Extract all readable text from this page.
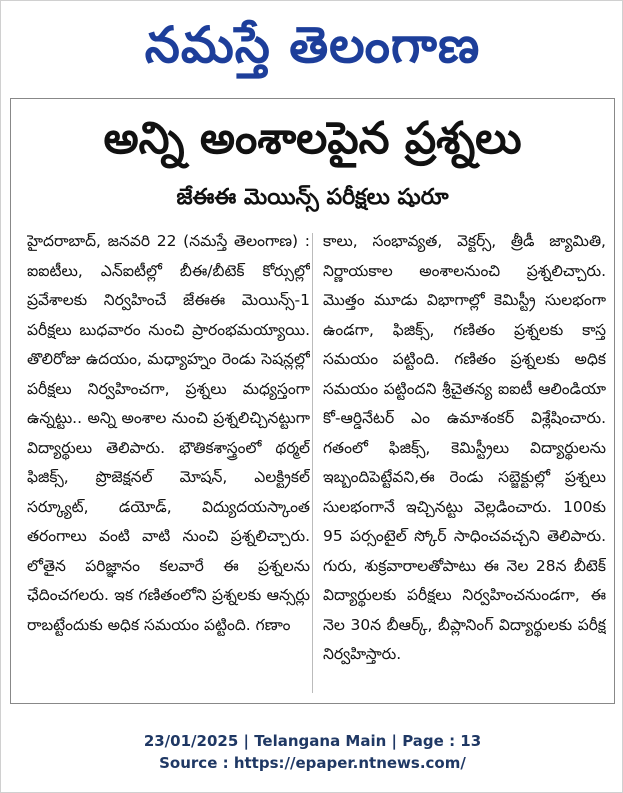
నమస్తే తెలంగాణ
అన్ని అంశాలపైన ప్రశ్నలు
జేఈఈ మెయిన్స్ పరీక్షలు షురూ
హైదరాబాద్, జనవరి 22 (నమస్తే తెలంగాణ) : ఐఐటీలు, ఎన్ఐటీల్లో బీఈ/బీటెక్ కోర్సుల్లో ప్రవేశాలకు నిర్వహించే జేఈఈ మెయిన్స్-1 పరీక్షలు బుధవారం నుంచి ప్రారంభమయ్యాయి. తొలిరోజు ఉదయం, మధ్యాహ్నం రెండు సెషన్లల్లో పరీక్షలు నిర్వహించగా, ప్రశ్నలు మధ్యస్తంగా ఉన్నట్టు.. అన్ని అంశాల నుంచి ప్రశ్నలిచ్చినట్టుగా విద్యార్థులు తెలిపారు. భౌతికశాస్త్రంలో థర్మల్ ఫిజిక్స్, ప్రొజెక్షనల్ మోషన్, ఎలక్ట్రికల్ సర్క్యూట్, డయోడ్, విద్యుదయస్కాంత తరంగాలు వంటి వాటి నుంచి ప్రశ్నలిచ్చారు. లోతైన పరిజ్ఞానం కలవారే ఈ ప్రశ్నలను ఛేదించగలరు. ఇక గణితంలోని ప్రశ్నలకు ఆన్సర్లు రాబట్టేందుకు అధిక సమయం పట్టింది. గణాం
కాలు, సంభావ్యత, వెక్టర్స్, త్రీడీ జ్యామితి, నిర్ణాయకాల అంశాలనుంచి ప్రశ్నలిచ్చారు. మొత్తం మూడు విభాగాల్లో కెమిస్ట్రీ సులభంగా ఉండగా, ఫిజిక్స్, గణితం ప్రశ్నలకు కాస్త సమయం పట్టింది. గణితం ప్రశ్నలకు అధిక సమయం పట్టిందని శ్రీచైతన్య ఐఐటీ ఆలిండియా కో-ఆర్డినేటర్ ఎం ఉమాశంకర్ విశ్లేషించారు. గతంలో ఫిజిక్స్, కెమిస్ట్రీలు విద్యార్థులను ఇబ్బందిపెట్టేవని,ఈ రెండు సబ్జెక్టుల్లో ప్రశ్నలు సులభంగానే ఇచ్చినట్టు వెల్లడించారు. 100కు 95 పర్సంటైల్ స్కోర్ సాధించవచ్చని తెలిపారు. గురు, శుక్రవారాలతోపాటు ఈ నెల 28న బీటెక్ విద్యార్థులకు పరీక్షలు నిర్వహించనుండగా, ఈ నెల 30న బీఆర్క్, బీప్లానింగ్ విద్యార్థులకు పరీక్ష నిర్వహిస్తారు.
23/01/2025 | Telangana Main | Page : 13
Source : https://epaper.ntnews.com/
